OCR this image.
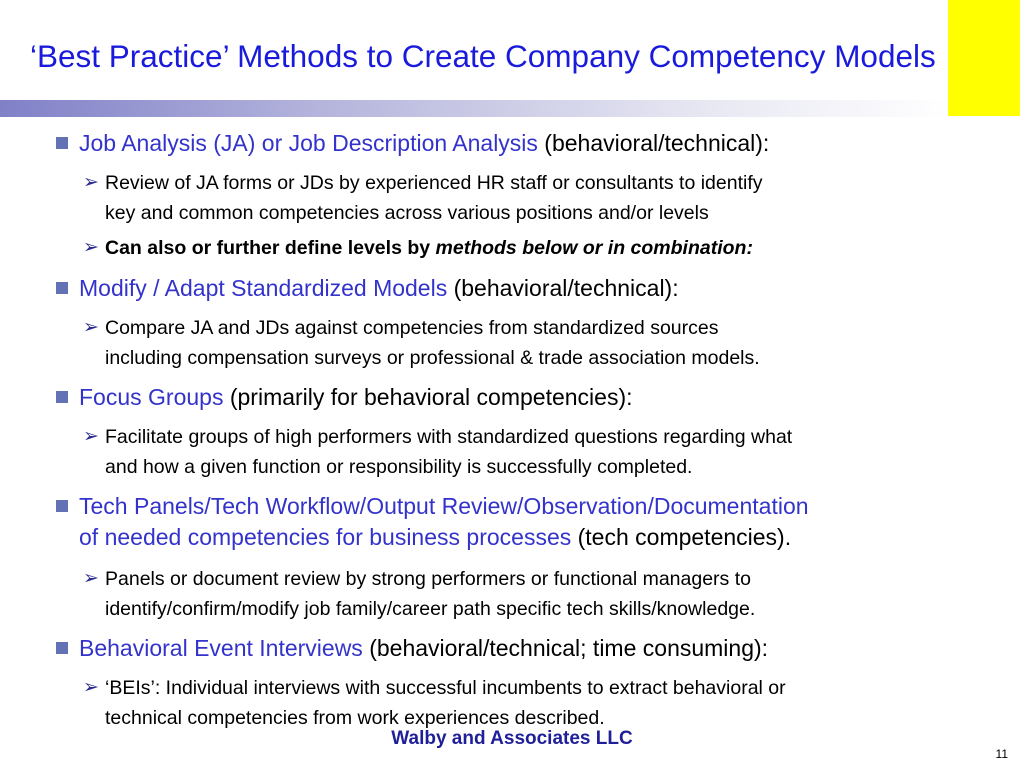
‘Best Practice’ Methods to Create Company Competency Models

Job Analysis (JA) or Job Description Analysis (behavioral/technical):

➢ Review of JA forms or JDs by experienced HR staff or consultants to identify
key and common competencies across various positions and/or levels

➢ Can also or further define levels by methods below or in combination:

Modify / Adapt Standardized Models (behavioral/technical):

➢ Compare JA and JDs against competencies from standardized sources
including compensation surveys or professional & trade association models.

Focus Groups (primarily for behavioral competencies):

➢ Facilitate groups of high performers with standardized questions regarding what
and how a given function or responsibility is successfully completed.

Tech Panels/Tech Workflow/Output Review/Observation/Documentation
of needed competencies for business processes (tech competencies).

➢ Panels or document review by strong performers or functional managers to
identify/confirm/modify job family/career path specific tech skills/knowledge.

Behavioral Event Interviews (behavioral/technical; time consuming):

➢ ‘BEIs’: Individual interviews with successful incumbents to extract behavioral or
technical competencies from work experiences described.

Walby and Associates LLC
11
